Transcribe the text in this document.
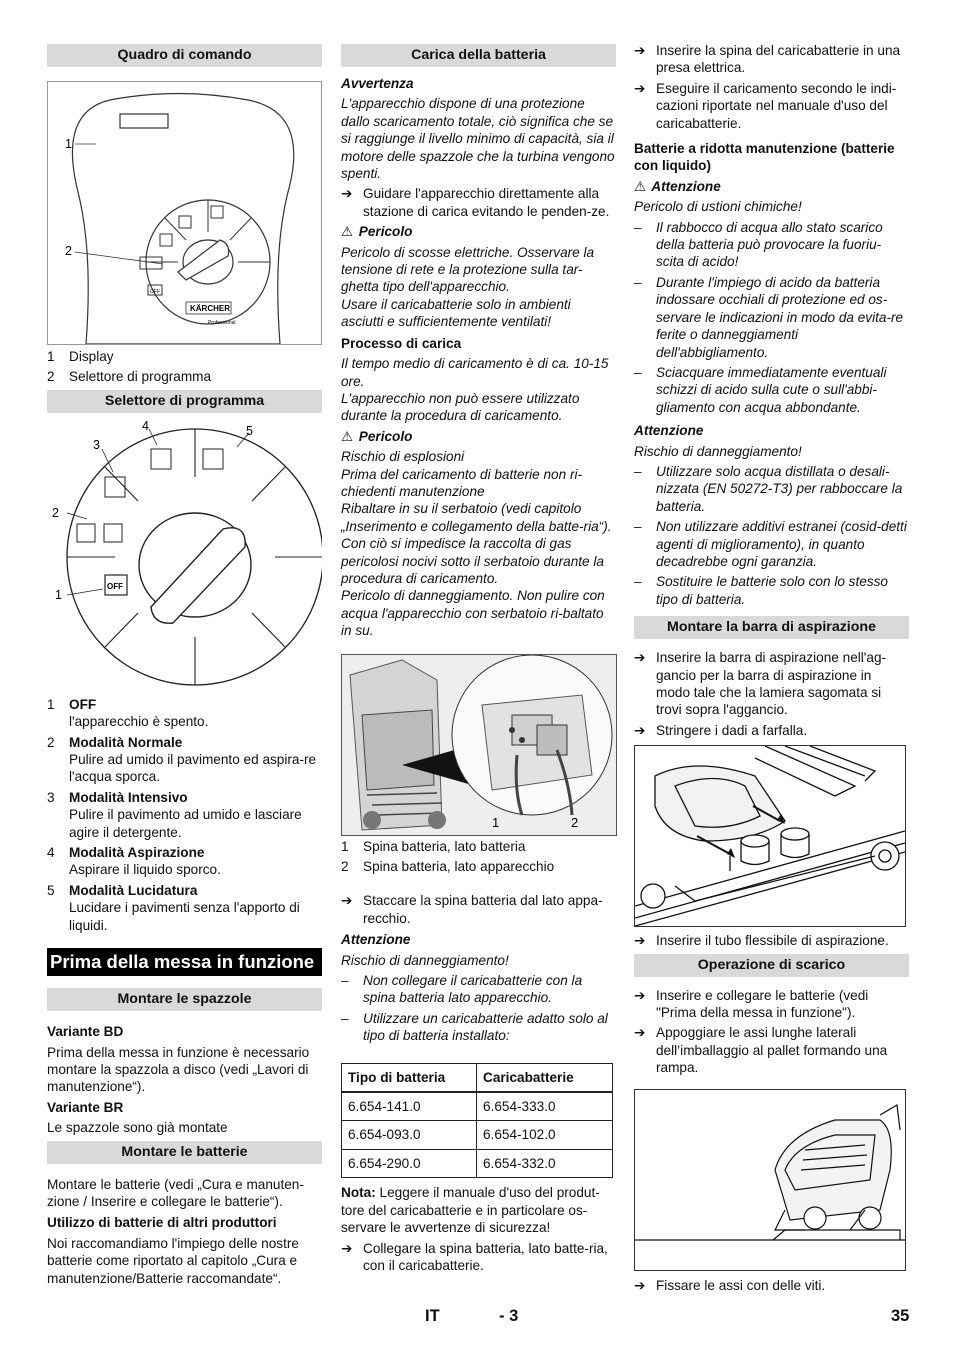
Quadro di comando
OFF
KÄRCHER
Professional
1
2
1 Display
2 Selettore di programma
Selettore di programma
OFF
1
2
3
4	5
1 OFF
l'apparecchio è spento.
2 Modalità Normale
Pulire ad umido il pavimento ed aspira-re l'acqua sporca.
3 Modalità Intensivo
Pulire il pavimento ad umido e lasciare agire il detergente.
4 Modalità Aspirazione
Aspirare il liquido sporco.
5 Modalità Lucidatura
Lucidare i pavimenti senza l'apporto di liquidi.
Prima della messa in funzione
Montare le spazzole

Variante BD

Prima della messa in funzione è necessario montare la spazzola a disco (vedi „Lavori di manutenzione“).

Variante BR

Le spazzole sono già montate

Montare le batterie

Montare le batterie (vedi „Cura e manuten-zione / Inserire e collegare le batterie“).

Utilizzo di batterie di altri produttori

Noi raccomandiamo l'impiego delle nostre batterie come riportato al capitolo „Cura e manutenzione/Batterie raccomandate“.

Carica della batteria

Avvertenza

L'apparecchio dispone di una protezione dallo scaricamento totale, ciò significa che se si raggiunge il livello minimo di capacità, sia il motore delle spazzole che la turbina vengono spenti.

➔ Guidare l'apparecchio direttamente alla stazione di carica evitando le penden-ze.

⚠ Pericolo

Pericolo di scosse elettriche. Osservare la tensione di rete e la protezione sulla tar-ghetta tipo dell'apparecchio.

Usare il caricabatterie solo in ambienti asciutti e sufficientemente ventilati!

Processo di carica

Il tempo medio di caricamento è di ca. 10-15 ore.

L'apparecchio non può essere utilizzato durante la procedura di caricamento.

⚠ Pericolo

Rischio di esplosioni

Prima del caricamento di batterie non ri-chiedenti manutenzione

Ribaltare in su il serbatoio (vedi capitolo „Inserimento e collegamento della batte-ria“). Con ciò si impedisce la raccolta di gas pericolosi nocivi sotto il serbatoio durante la procedura di caricamento.

Pericolo di danneggiamento. Non pulire con acqua l'apparecchio con serbatoio ri-baltato in su.

1	2
1 Spina batteria, lato batteria
2 Spina batteria, lato apparecchio
➔ Staccare la spina batteria dal lato appa-recchio.

Attenzione

Rischio di danneggiamento!

– Non collegare il caricabatterie con la spina batteria lato apparecchio.
– Utilizzare un caricabatterie adatto solo al tipo di batteria installato:
Tipo di batteria	Caricabatterie
6.654-141.0	6.654-333.0
6.654-093.0	6.654-102.0
6.654-290.0	6.654-332.0

Nota: Leggere il manuale d'uso del produt-tore del caricabatterie e in particolare os-servare le avvertenze di sicurezza!

➔ Collegare la spina batteria, lato batte-ria, con il caricabatterie.
➔ Inserire la spina del caricabatterie in una presa elettrica.
➔ Eseguire il caricamento secondo le indi-cazioni riportate nel manuale d'uso del caricabatterie.

Batterie a ridotta manutenzione (batterie con liquido)

⚠ Attenzione

Pericolo di ustioni chimiche!

– Il rabbocco di acqua allo stato scarico della batteria può provocare la fuoriu-scita di acido!
– Durante l'impiego di acido da batteria indossare occhiali di protezione ed os-servare le indicazioni in modo da evita-re ferite o danneggiamenti dell'abbigliamento.
– Sciacquare immediatamente eventuali schizzi di acido sulla cute o sull'abbi-gliamento con acqua abbondante.

Attenzione

Rischio di danneggiamento!

– Utilizzare solo acqua distillata o desali-nizzata (EN 50272-T3) per rabboccare la batteria.
– Non utilizzare additivi estranei (cosid-detti agenti di miglioramento), in quanto decadrebbe ogni garanzia.
– Sostituire le batterie solo con lo stesso tipo di batteria.
Montare la barra di aspirazione
➔ Inserire la barra di aspirazione nell'ag-gancio per la barra di aspirazione in modo tale che la lamiera sagomata si trovi sopra l'aggancio.
➔ Stringere i dadi a farfalla.
➔ Inserire il tubo flessibile di aspirazione.
Operazione di scarico
➔ Inserire e collegare le batterie (vedi "Prima della messa in funzione").
➔ Appoggiare le assi lunghe laterali dell’imballaggio al pallet formando una rampa.
➔ Fissare le assi con delle viti.
IT	- 3	35
